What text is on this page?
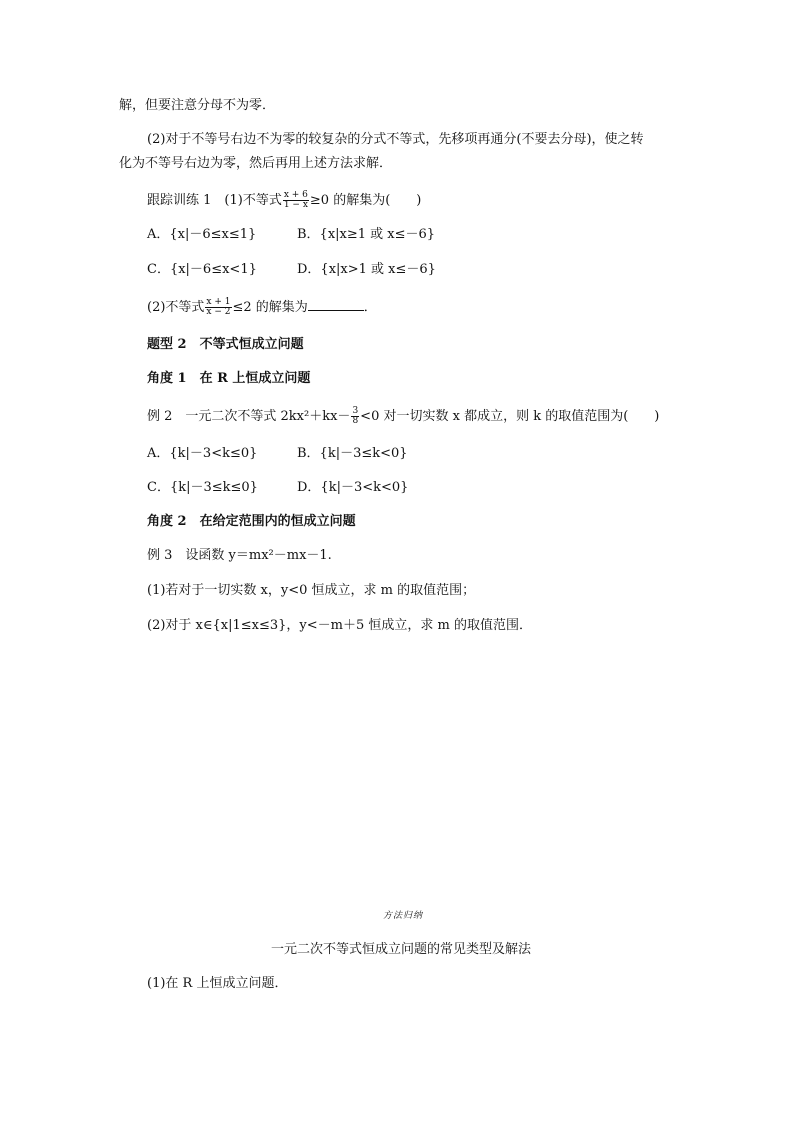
解，但要注意分母不为零．
(2)对于不等号右边不为零的较复杂的分式不等式，先移项再通分(不要去分母)，使之转
化为不等号右边为零，然后再用上述方法求解．
跟踪训练 1　(1)不等式 $\frac{x + 6}{1 - x} \ge 0$ 的解集为(　　)
A．{x|－6≤x≤1}	B．{x|x≥1 或 x≤－6}
C．{x|－6≤x<1}	D．{x|x>1 或 x≤－6}
(2)不等式 $\frac{x + 1}{x - 2} \le 2$ 的解集为	．
题型 2　不等式恒成立问题
角度 1　在 R 上恒成立问题
例 2　一元二次不等式 $2kx^2+kx- \frac{3}{8} <0$ 对一切实数 x 都成立，则 k 的取值范围为(　　)
A．{k|－3<k≤0}	B．{k|－3≤k<0}
C．{k|－3≤k≤0}	D．{k|－3<k<0}
角度 2　在给定范围内的恒成立问题
例 3　设函数 y＝mx²－mx－1.
(1)若对于一切实数 x，y<0 恒成立，求 m 的取值范围；
(2)对于 x∈{x|1≤x≤3}，y<－m＋5 恒成立，求 m 的取值范围．
方法归纳
一元二次不等式恒成立问题的常见类型及解法
(1)在 R 上恒成立问题．
